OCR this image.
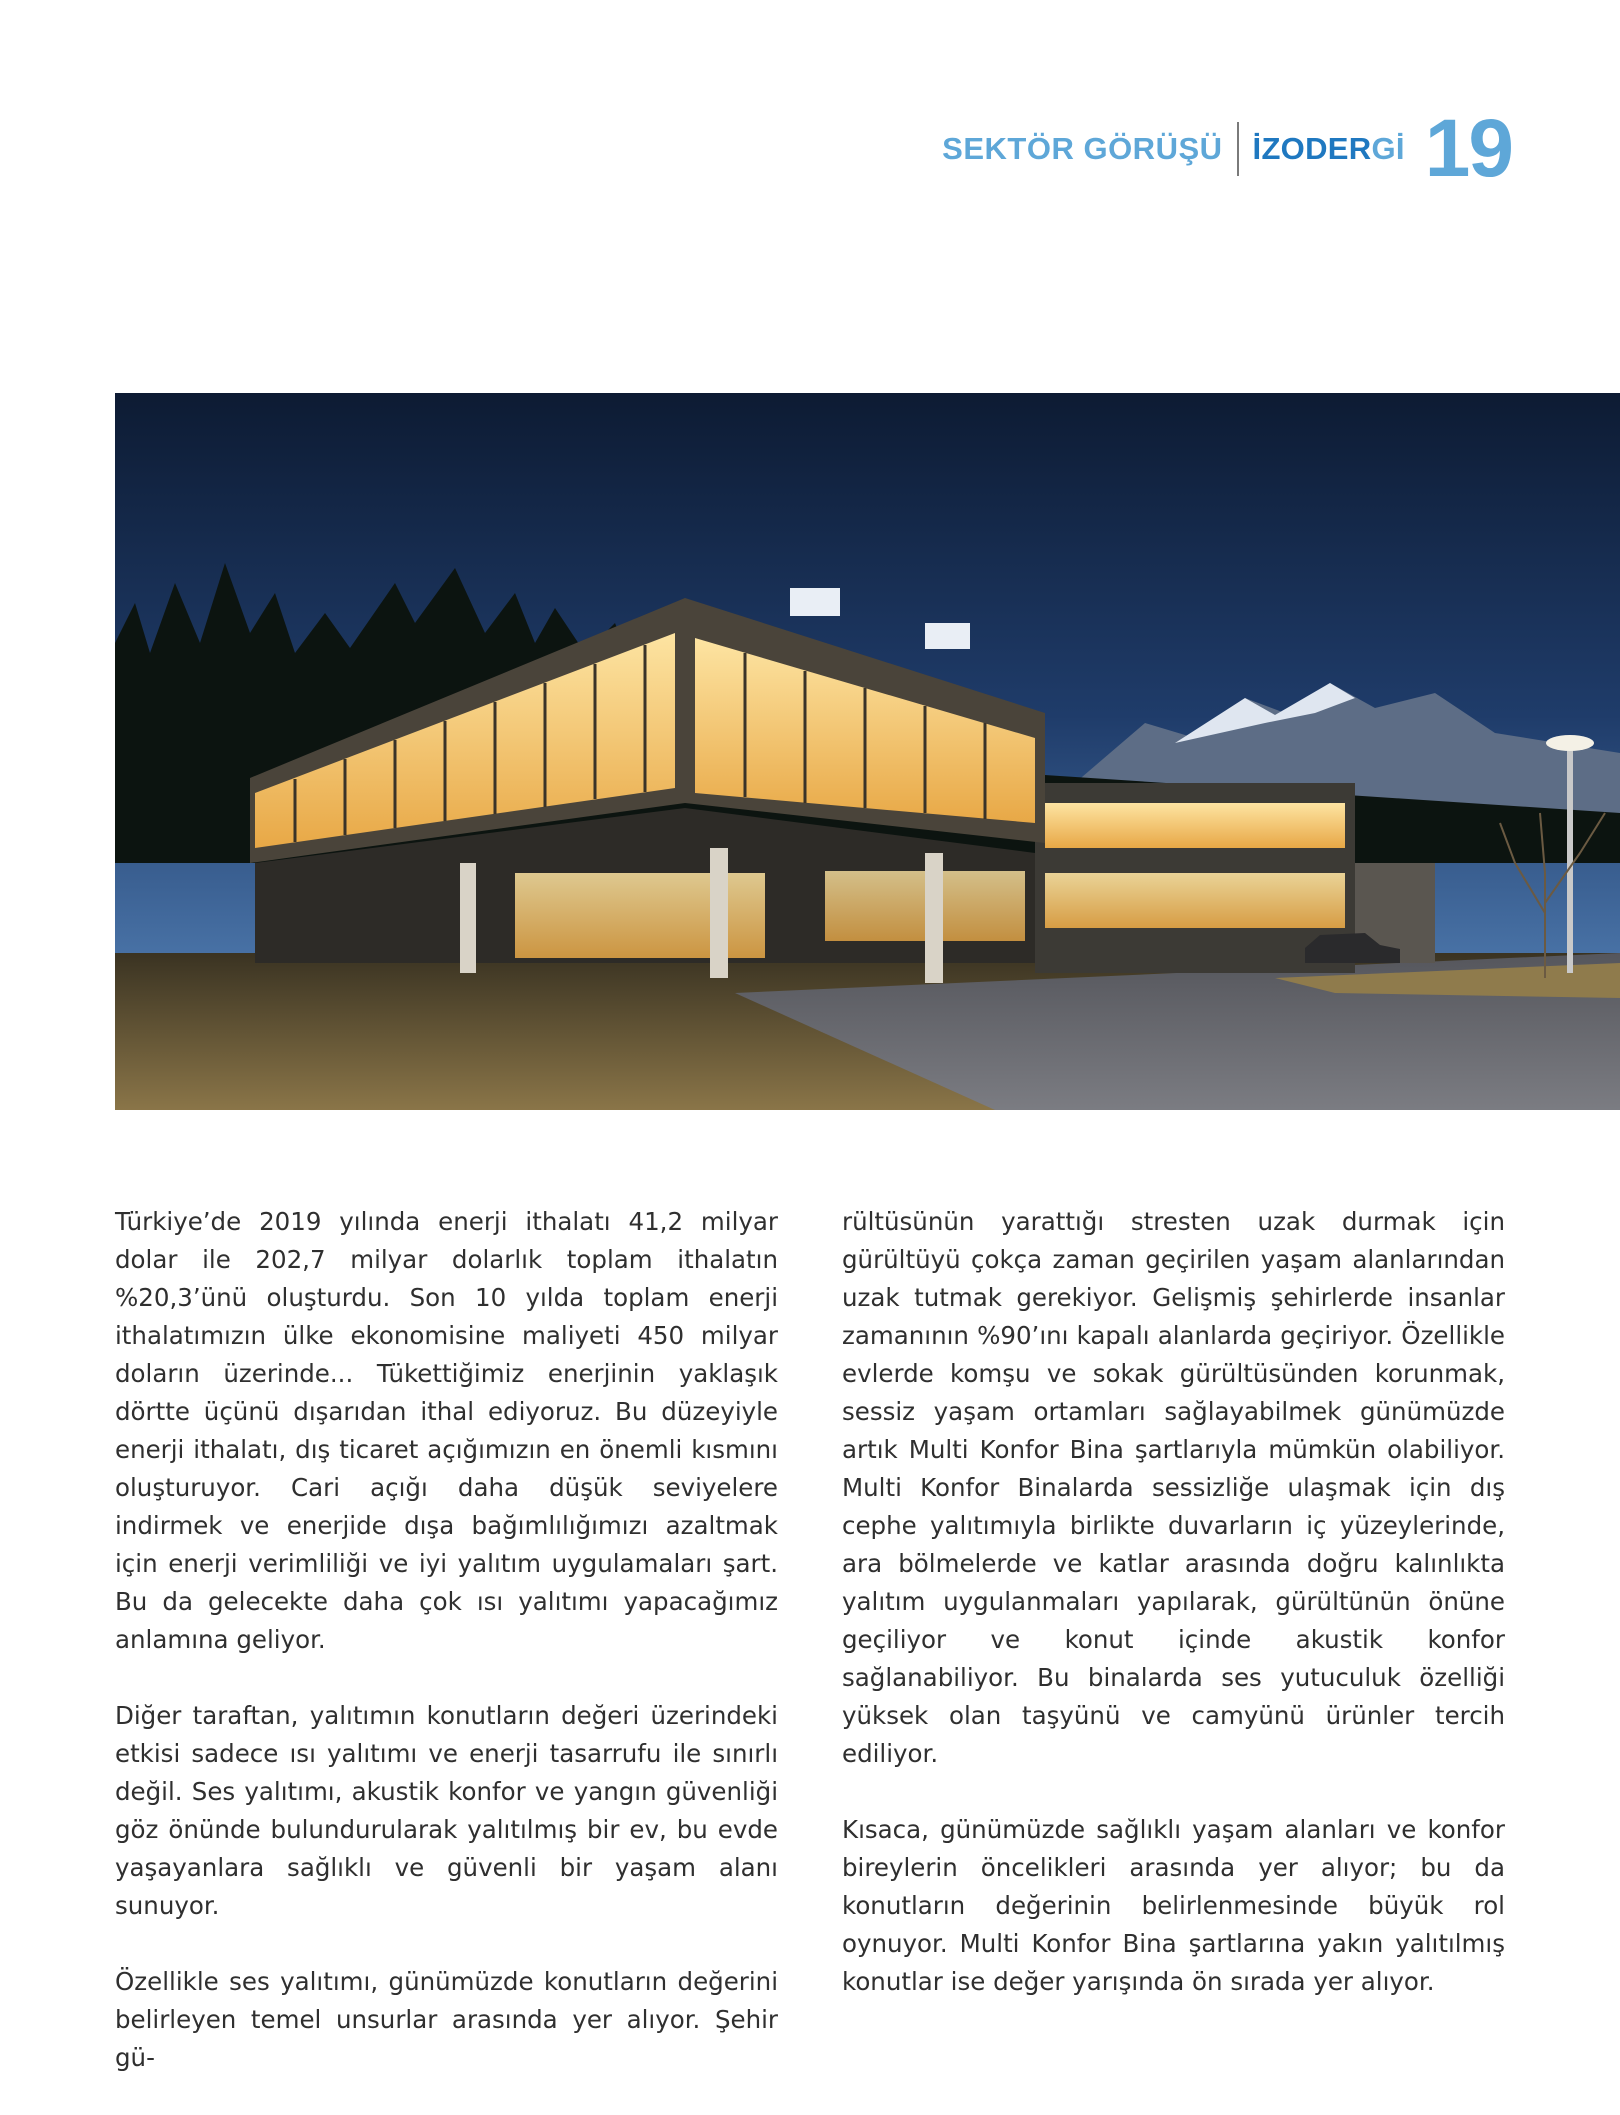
SEKTÖR GÖRÜŞÜ İZODERGİ 19

Türkiye’de 2019 yılında enerji ithalatı 41,2 milyar dolar ile 202,7 milyar dolarlık toplam ithalatın %20,3’ünü oluşturdu. Son 10 yılda toplam enerji ithalatımızın ülke ekonomisine maliyeti 450 milyar doların üzerinde... Tükettiğimiz enerjinin yaklaşık dörtte üçünü dışarıdan ithal ediyoruz. Bu düzeyiyle enerji ithalatı, dış ticaret açığımızın en önemli kısmını oluşturuyor. Cari açığı daha düşük seviyelere indirmek ve enerjide dışa bağımlılığımızı azaltmak için enerji verimliliği ve iyi yalıtım uygulamaları şart. Bu da gelecekte daha çok ısı yalıtımı yapacağımız anlamına geliyor.

Diğer taraftan, yalıtımın konutların değeri üzerindeki etkisi sadece ısı yalıtımı ve enerji tasarrufu ile sınırlı değil. Ses yalıtımı, akustik konfor ve yangın güvenliği göz önünde bulundurularak yalıtılmış bir ev, bu evde yaşayanlara sağlıklı ve güvenli bir yaşam alanı sunuyor.

Özellikle ses yalıtımı, günümüzde konutların değerini belirleyen temel unsurlar arasında yer alıyor. Şehir gü-

rültüsünün yarattığı stresten uzak durmak için gürültüyü çokça zaman geçirilen yaşam alanlarından uzak tutmak gerekiyor. Gelişmiş şehirlerde insanlar zamanının %90’ını kapalı alanlarda geçiriyor. Özellikle evlerde komşu ve sokak gürültüsünden korunmak, sessiz yaşam ortamları sağlayabilmek günümüzde artık Multi Konfor Bina şartlarıyla mümkün olabiliyor. Multi Konfor Binalarda sessizliğe ulaşmak için dış cephe yalıtımıyla birlikte duvarların iç yüzeylerinde, ara bölmelerde ve katlar arasında doğru kalınlıkta yalıtım uygulanmaları yapılarak, gürültünün önüne geçiliyor ve konut içinde akustik konfor sağlanabiliyor. Bu binalarda ses yutuculuk özelliği yüksek olan taşyünü ve camyünü ürünler tercih ediliyor.

Kısaca, günümüzde sağlıklı yaşam alanları ve konfor bireylerin öncelikleri arasında yer alıyor; bu da konutların değerinin belirlenmesinde büyük rol oynuyor. Multi Konfor Bina şartlarına yakın yalıtılmış konutlar ise değer yarışında ön sırada yer alıyor.
